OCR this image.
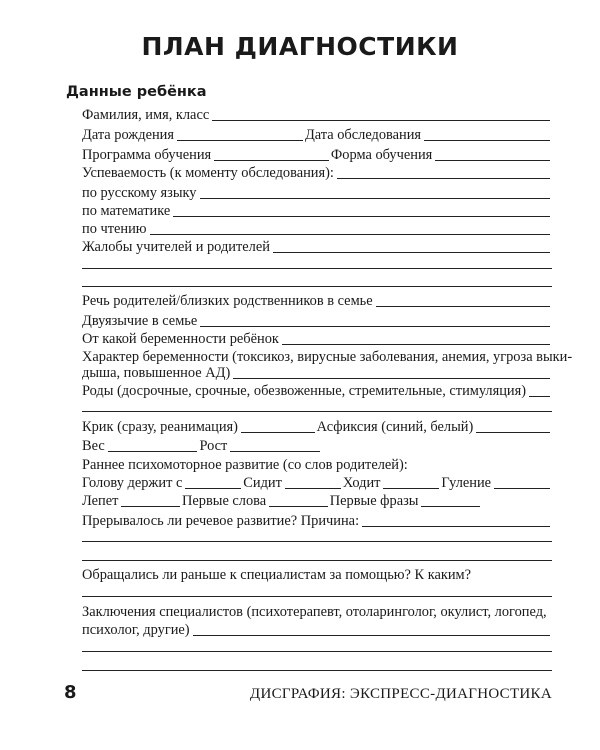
ПЛАН ДИАГНОСТИКИ
Данные ребёнка
Фамилия, имя, класс
Дата рождения	Дата обследования
Программа обучения	Форма обучения
Успеваемость (к моменту обследования):
по русскому языку
по математике
по чтению
Жалобы учителей и родителей
Речь родителей/близких родственников в семье
Двуязычие в семье
От какой беременности ребёнок
Характер беременности (токсикоз, вирусные заболевания, анемия, угроза выки-
дыша, повышенное АД)
Роды (досрочные, срочные, обезвоженные, стремительные, стимуляция)
Крик (сразу, реанимация)	Асфиксия (синий, белый)
Вес	Рост
Раннее психомоторное развитие (со слов родителей):
Голову держит с	Сидит	Ходит	Гуление
Лепет	Первые слова	Первые фразы
Прерывалось ли речевое развитие? Причина:
Обращались ли раньше к специалистам за помощью? К каким?
Заключения специалистов (психотерапевт, отоларинголог, окулист, логопед,
психолог, другие)
8	ДИСГРАФИЯ: ЭКСПРЕСС-ДИАГНОСТИКА
